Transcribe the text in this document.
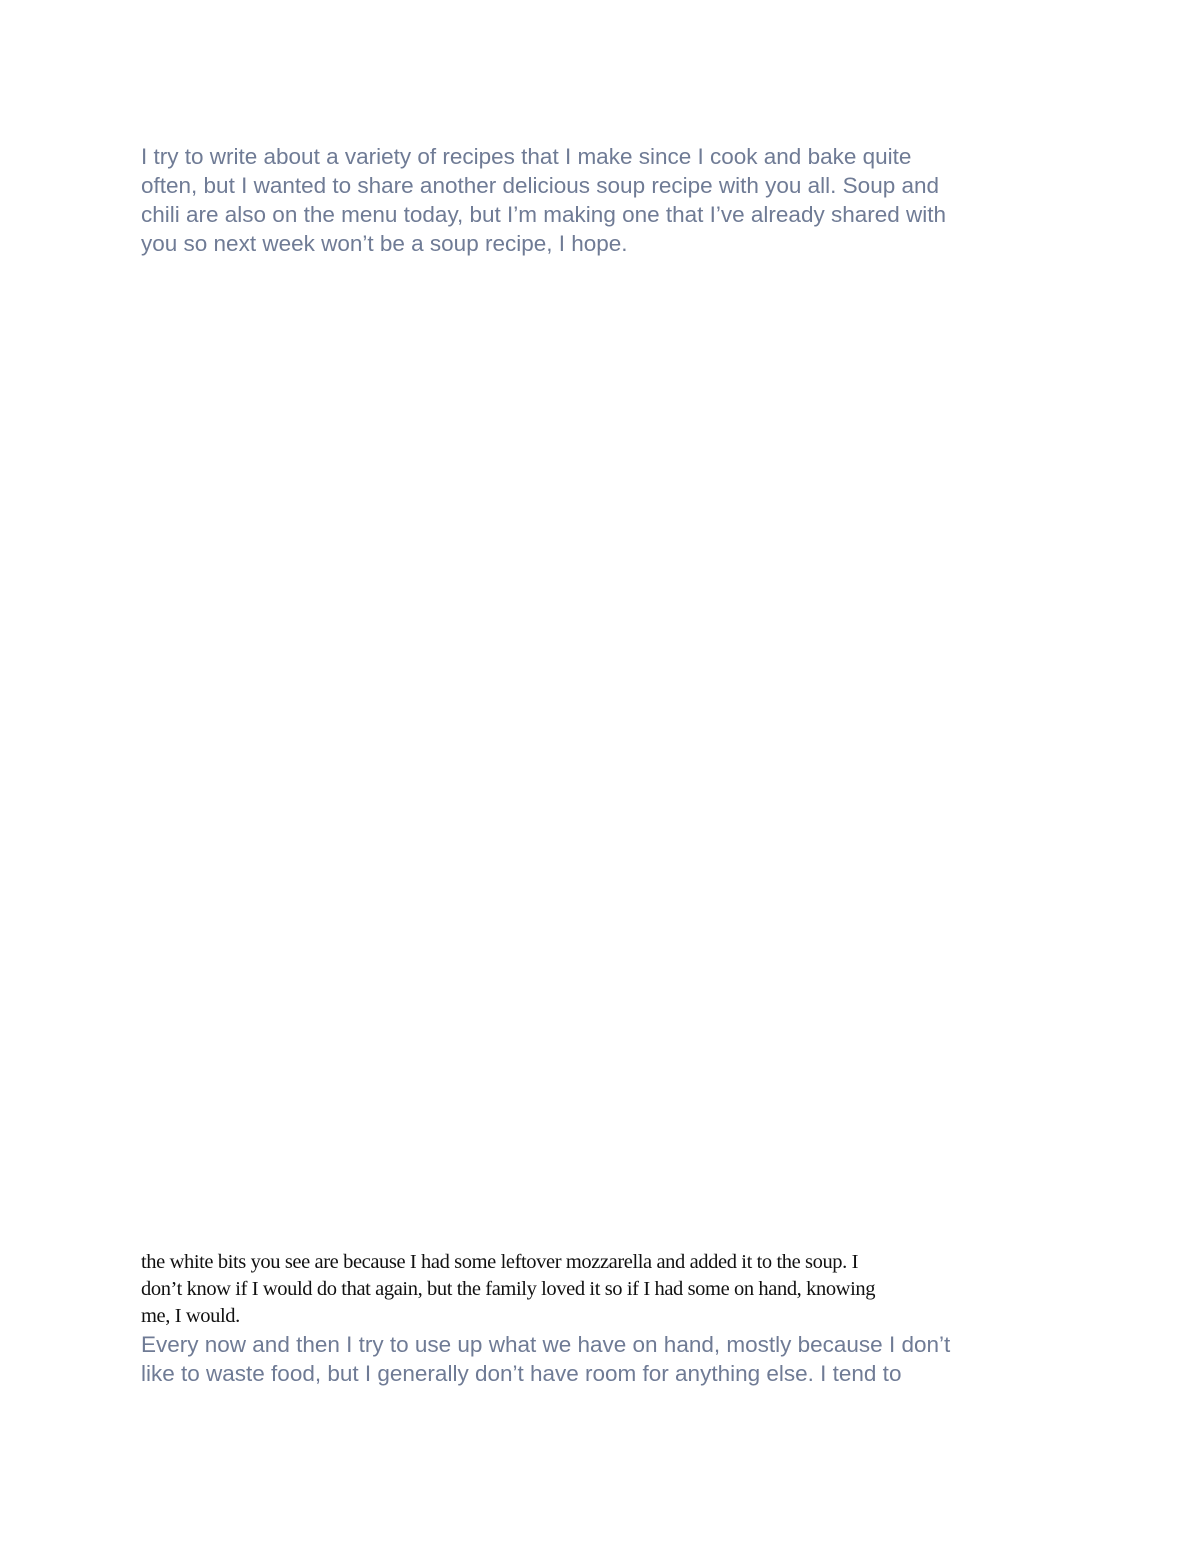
I try to write about a variety of recipes that I make since I cook and bake quite
often, but I wanted to share another delicious soup recipe with you all. Soup and
chili are also on the menu today, but I’m making one that I’ve already shared with
you so next week won’t be a soup recipe, I hope.

the white bits you see are because I had some leftover mozzarella and added it to the soup. I
don’t know if I would do that again, but the family loved it so if I had some on hand, knowing
me, I would.

Every now and then I try to use up what we have on hand, mostly because I don’t
like to waste food, but I generally don’t have room for anything else. I tend to
